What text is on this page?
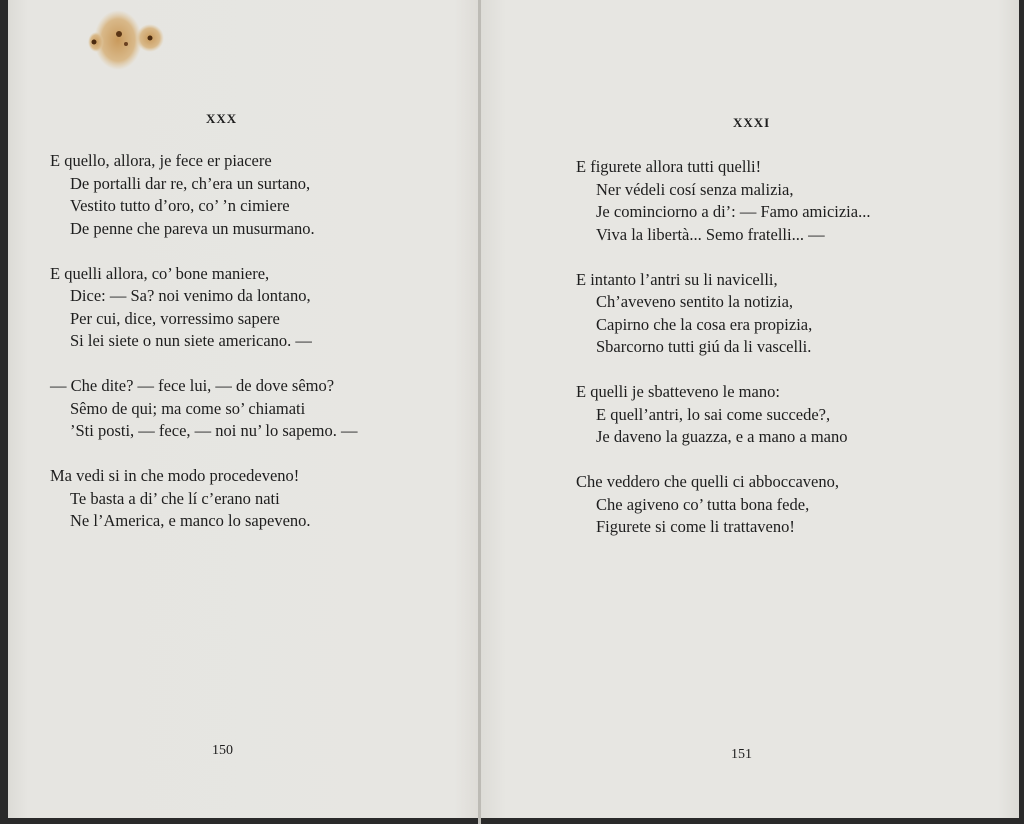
XXX
E quello, allora, je fece er piacere
De portalli dar re, ch’era un surtano,
Vestito tutto d’oro, co’ ’n cimiere
De penne che pareva un musurmano.
E quelli allora, co’ bone maniere,
Dice: — Sa? noi venimo da lontano,
Per cui, dice, vorressimo sapere
Si lei siete o nun siete americano. —
— Che dite? — fece lui, — de dove sêmo?
Sêmo de qui; ma come so’ chiamati
’Sti posti, — fece, — noi nu’ lo sapemo. —
Ma vedi si in che modo procedeveno!
Te basta a di’ che lí c’erano nati
Ne l’America, e manco lo sapeveno.
150
XXXI
E figurete allora tutti quelli!
Ner védeli cosí senza malizia,
Je cominciorno a di’: — Famo amicizia...
Viva la libertà... Semo fratelli... —
E intanto l’antri su li navicelli,
Ch’aveveno sentito la notizia,
Capirno che la cosa era propizia,
Sbarcorno tutti giú da li vascelli.
E quelli je sbatteveno le mano:
E quell’antri, lo sai come succede?,
Je daveno la guazza, e a mano a mano
Che veddero che quelli ci abboccaveno,
Che agiveno co’ tutta bona fede,
Figurete si come li trattaveno!
151
